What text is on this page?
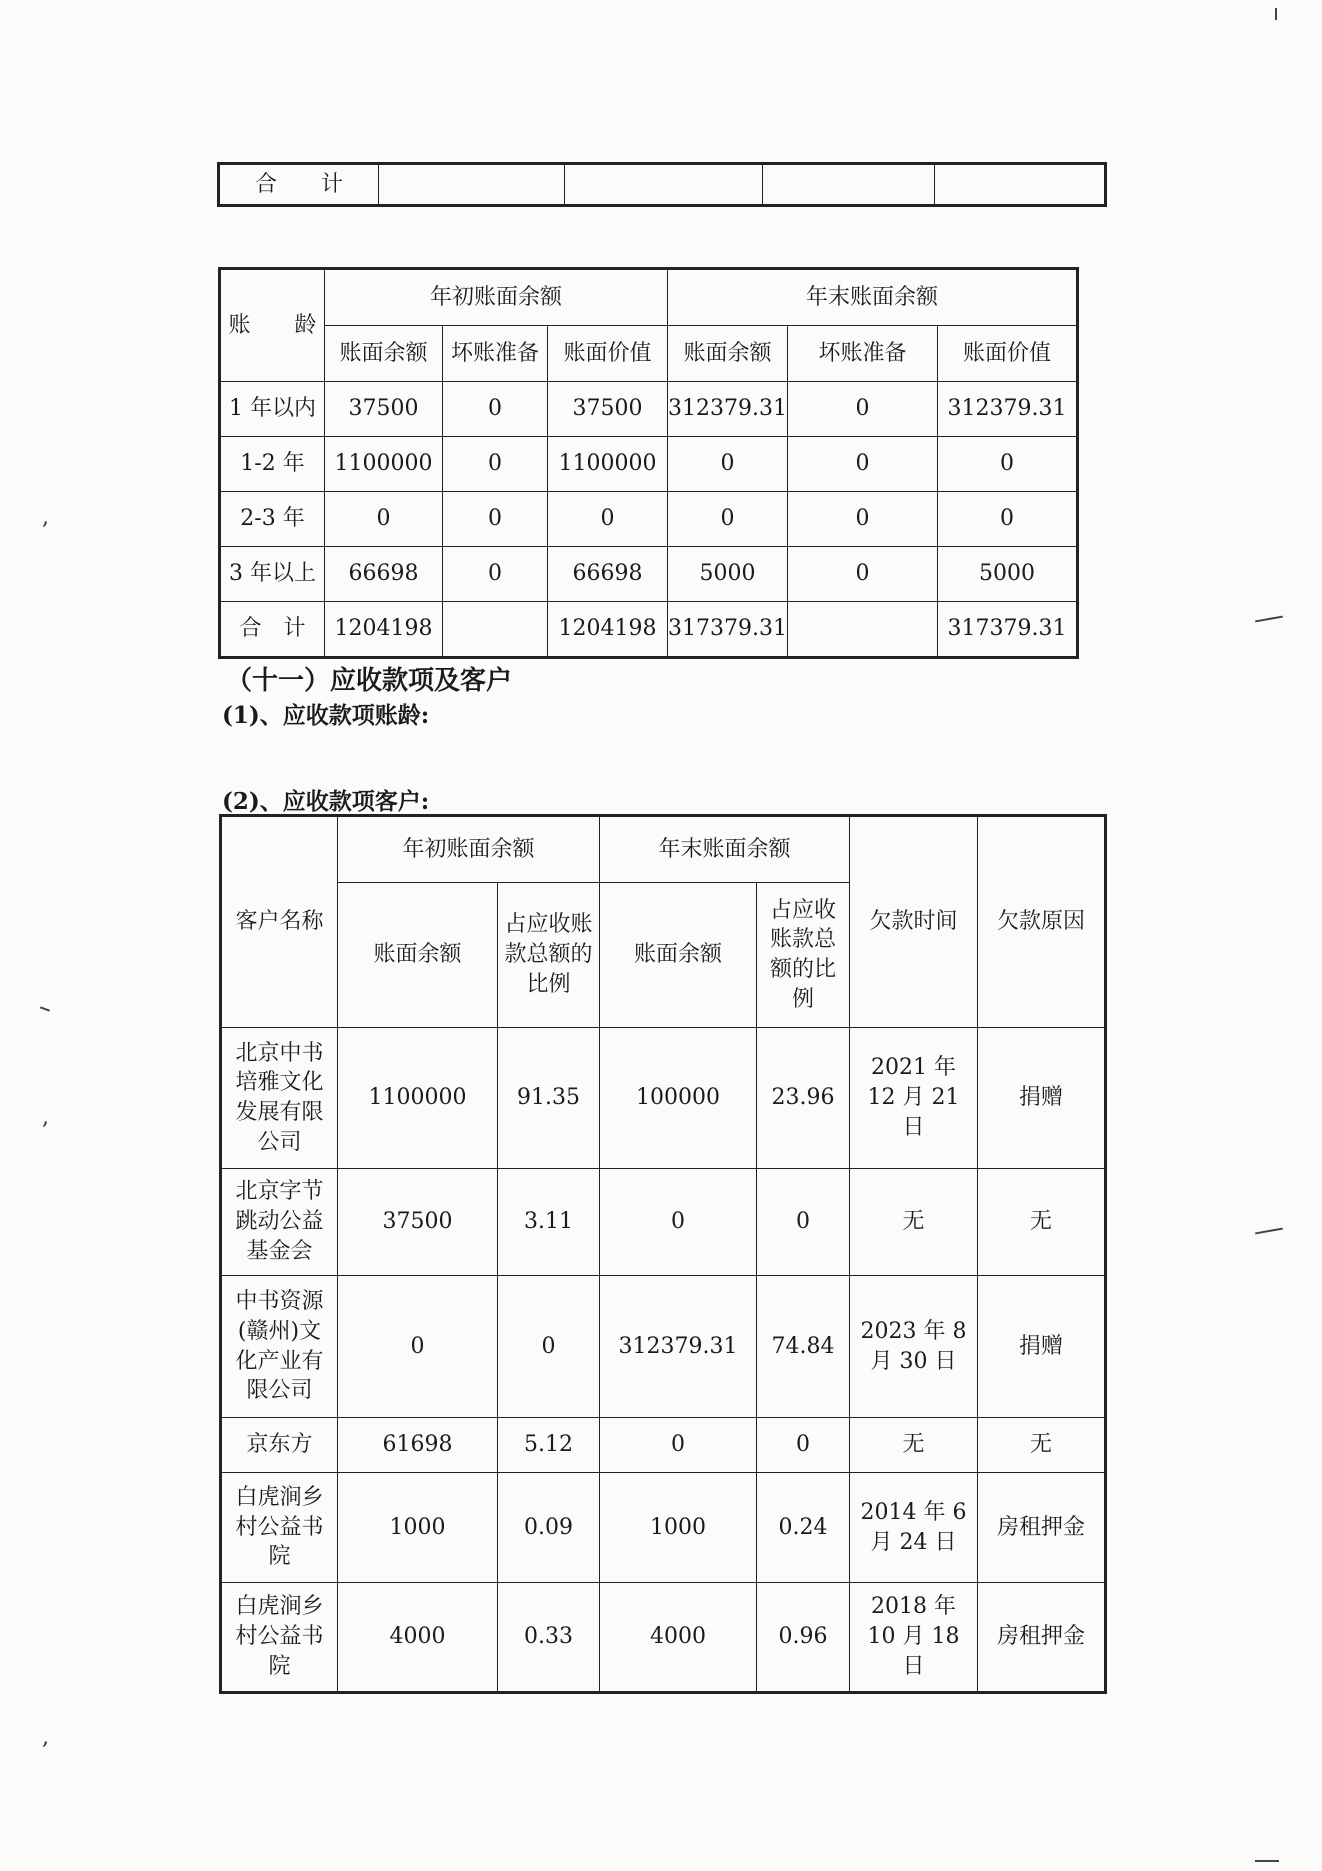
,
,
,
合　　计				
账　　龄	年初账面余额			年末账面余额		
	账面余额	坏账准备	账面价值	账面余额	坏账准备	账面价值
1 年以内	37500	0	37500	312379.31	0	312379.31
1-2 年	1100000	0	1100000	0	0	0
2-3 年	0	0	0	0	0	0
3 年以上	66698	0	66698	5000	0	5000
合　计	1204198		1204198	317379.31		317379.31
（十一）应收款项及客户
(1)、应收款项账龄:
(2)、应收款项客户:
客户名称	年初账面余额		年末账面余额		欠款时间	欠款原因
	账面余额	占应收账款总额的比例	账面余额	占应收账款总额的比例		
北京中书培雅文化发展有限公司	1100000	91.35	100000	23.96	2021 年 12 月 21 日	捐赠
北京字节跳动公益基金会	37500	3.11	0	0	无	无
中书资源(赣州)文化产业有限公司	0	0	312379.31	74.84	2023 年 8 月 30 日	捐赠
京东方	61698	5.12	0	0	无	无
白虎涧乡村公益书院	1000	0.09	1000	0.24	2014 年 6 月 24 日	房租押金
白虎涧乡村公益书院	4000	0.33	4000	0.96	2018 年 10 月 18 日	房租押金
